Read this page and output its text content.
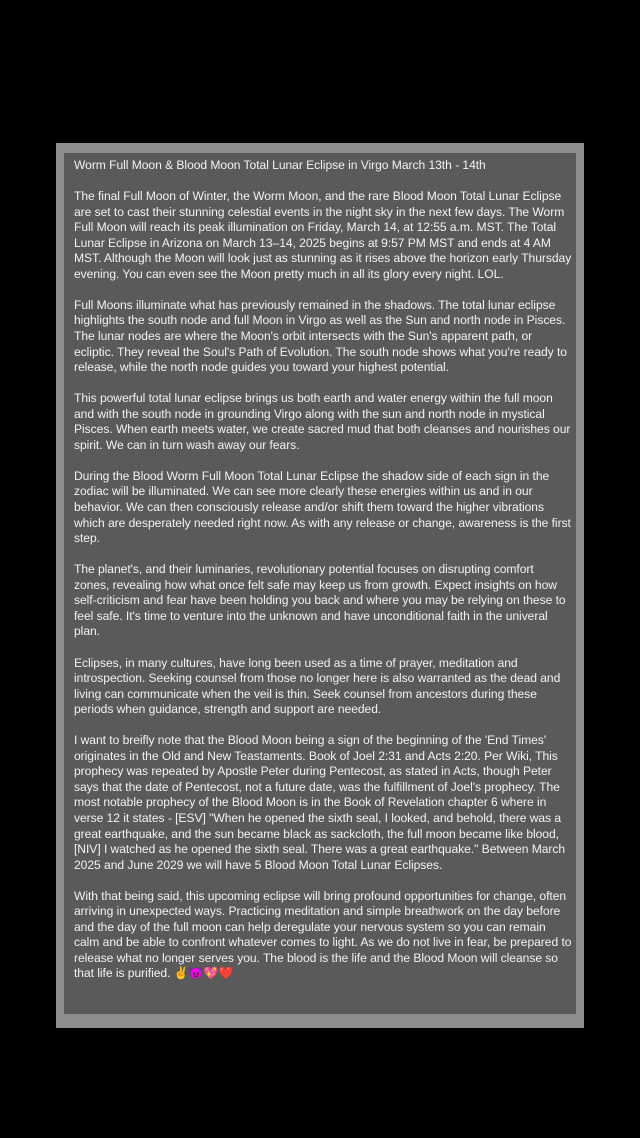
Worm Full Moon & Blood Moon Total Lunar Eclipse in Virgo March 13th - 14th

The final Full Moon of Winter, the Worm Moon, and the rare Blood Moon Total Lunar Eclipse are set to cast their stunning celestial events in the night sky in the next few days. The Worm Full Moon will reach its peak illumination on Friday, March 14, at 12:55 a.m. MST. The Total Lunar Eclipse in Arizona on March 13–14, 2025 begins at 9:57 PM MST and ends at 4 AM MST. Although the Moon will look just as stunning as it rises above the horizon early Thursday evening. You can even see the Moon pretty much in all its glory every night. LOL.

Full Moons illuminate what has previously remained in the shadows. The total lunar eclipse highlights the south node and full Moon in Virgo as well as the Sun and north node in Pisces. The lunar nodes are where the Moon's orbit intersects with the Sun's apparent path, or ecliptic. They reveal the Soul's Path of Evolution. The south node shows what you're ready to release, while the north node guides you toward your highest potential.

This powerful total lunar eclipse brings us both earth and water energy within the full moon and with the south node in grounding Virgo along with the sun and north node in mystical Pisces. When earth meets water, we create sacred mud that both cleanses and nourishes our spirit. We can in turn wash away our fears.

During the Blood Worm Full Moon Total Lunar Eclipse the shadow side of each sign in the zodiac will be illuminated. We can see more clearly these energies within us and in our behavior. We can then consciously release and/or shift them toward the higher vibrations which are desperately needed right now. As with any release or change, awareness is the first step.

The planet's, and their luminaries, revolutionary potential focuses on disrupting comfort zones, revealing how what once felt safe may keep us from growth. Expect insights on how self-criticism and fear have been holding you back and where you may be relying on these to feel safe. It's time to venture into the unknown and have unconditional faith in the univeral plan.

Eclipses, in many cultures, have long been used as a time of prayer, meditation and introspection. Seeking counsel from those no longer here is also warranted as the dead and living can communicate when the veil is thin. Seek counsel from ancestors during these periods when guidance, strength and support are needed.

I want to breifly note that the Blood Moon being a sign of the beginning of the 'End Times' originates in the Old and New Teastaments. Book of Joel 2:31 and Acts 2:20. Per Wiki, This prophecy was repeated by Apostle Peter during Pentecost, as stated in Acts, though Peter says that the date of Pentecost, not a future date, was the fulfillment of Joel's prophecy. The most notable prophecy of the Blood Moon is in the Book of Revelation chapter 6 where in verse 12 it states - [ESV] "When he opened the sixth seal, I looked, and behold, there was a great earthquake, and the sun became black as sackcloth, the full moon became like blood, [NIV] I watched as he opened the sixth seal. There was a great earthquake." Between March 2025 and June 2029 we will have 5 Blood Moon Total Lunar Eclipses.

With that being said, this upcoming eclipse will bring profound opportunities for change, often arriving in unexpected ways. Practicing meditation and simple breathwork on the day before and the day of the full moon can help deregulate your nervous system so you can remain calm and be able to confront whatever comes to light. As we do not live in fear, be prepared to release what no longer serves you. The blood is the life and the Blood Moon will cleanse so that life is purified. ✌️😈💖❤️
